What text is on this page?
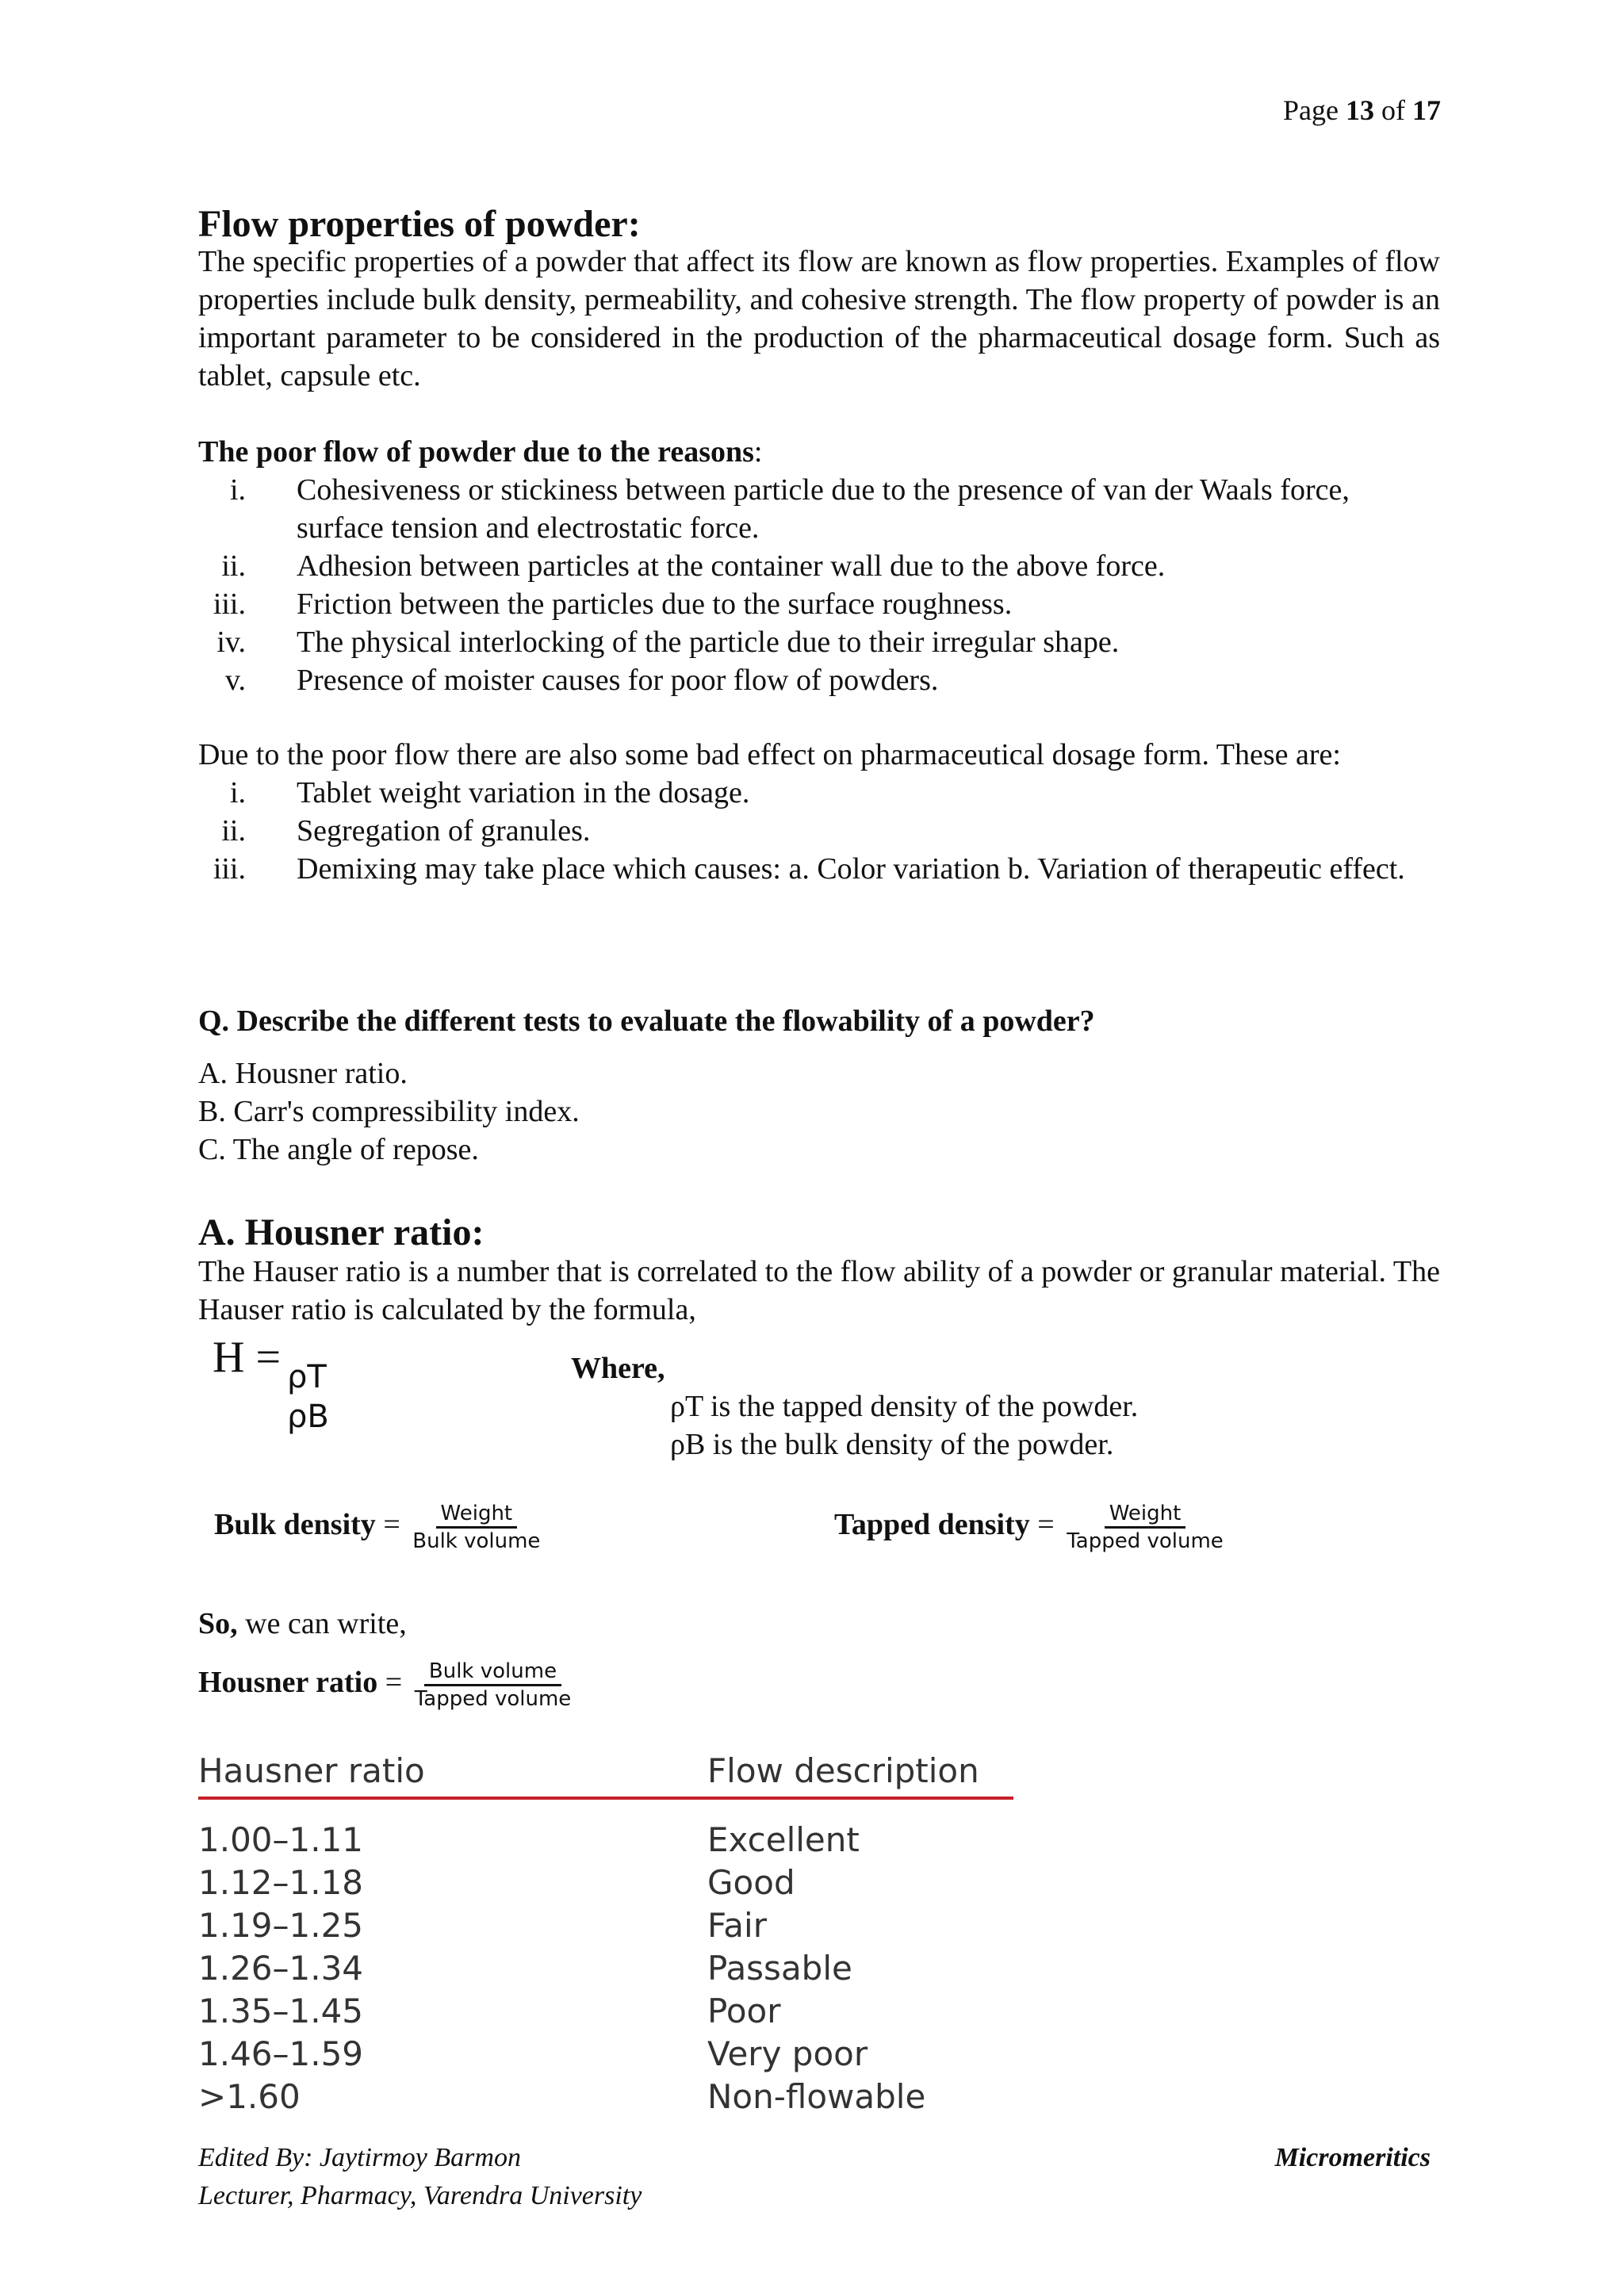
Page 13 of 17
Flow properties of powder:

The specific properties of a powder that affect its flow are known as flow properties. Examples of flow properties include bulk density, permeability, and cohesive strength. The flow property of powder is an important parameter to be considered in the production of the pharmaceutical dosage form. Such as tablet, capsule etc.

The poor flow of powder due to the reasons:
i. Cohesiveness or stickiness between particle due to the presence of van der Waals force, surface tension and electrostatic force.
ii. Adhesion between particles at the container wall due to the above force.
iii. Friction between the particles due to the surface roughness.
iv. The physical interlocking of the particle due to their irregular shape.
v. Presence of moister causes for poor flow of powders.

Due to the poor flow there are also some bad effect on pharmaceutical dosage form. These are:

i. Tablet weight variation in the dosage.
ii. Segregation of granules.
iii. Demixing may take place which causes: a. Color variation b. Variation of therapeutic effect.
Q. Describe the different tests to evaluate the flowability of a powder?
A. Housner ratio.
B. Carr's compressibility index.
C. The angle of repose.
A. Housner ratio:

The Hauser ratio is a number that is correlated to the flow ability of a powder or granular material. The Hauser ratio is calculated by the formula,

H = ρT
ρB
Where,
ρT is the tapped density of the powder.
ρB is the bulk density of the powder.
Bulk density = $\frac{\text{Weight}}{\text{Bulk volume}}$	Tapped density = $\frac{\text{Weight}}{\text{Tapped volume}}$
So, we can write,
Housner ratio = $\frac{\text{Bulk volume}}{\text{Tapped volume}}$
Hausner ratio	Flow description
1.00–1.11	Excellent
1.12–1.18	Good
1.19–1.25	Fair
1.26–1.34	Passable
1.35–1.45	Poor
1.46–1.59	Very poor
>1.60	Non-flowable
Edited By: Jaytirmoy Barmon
Lecturer, Pharmacy, Varendra University
Micromeritics
